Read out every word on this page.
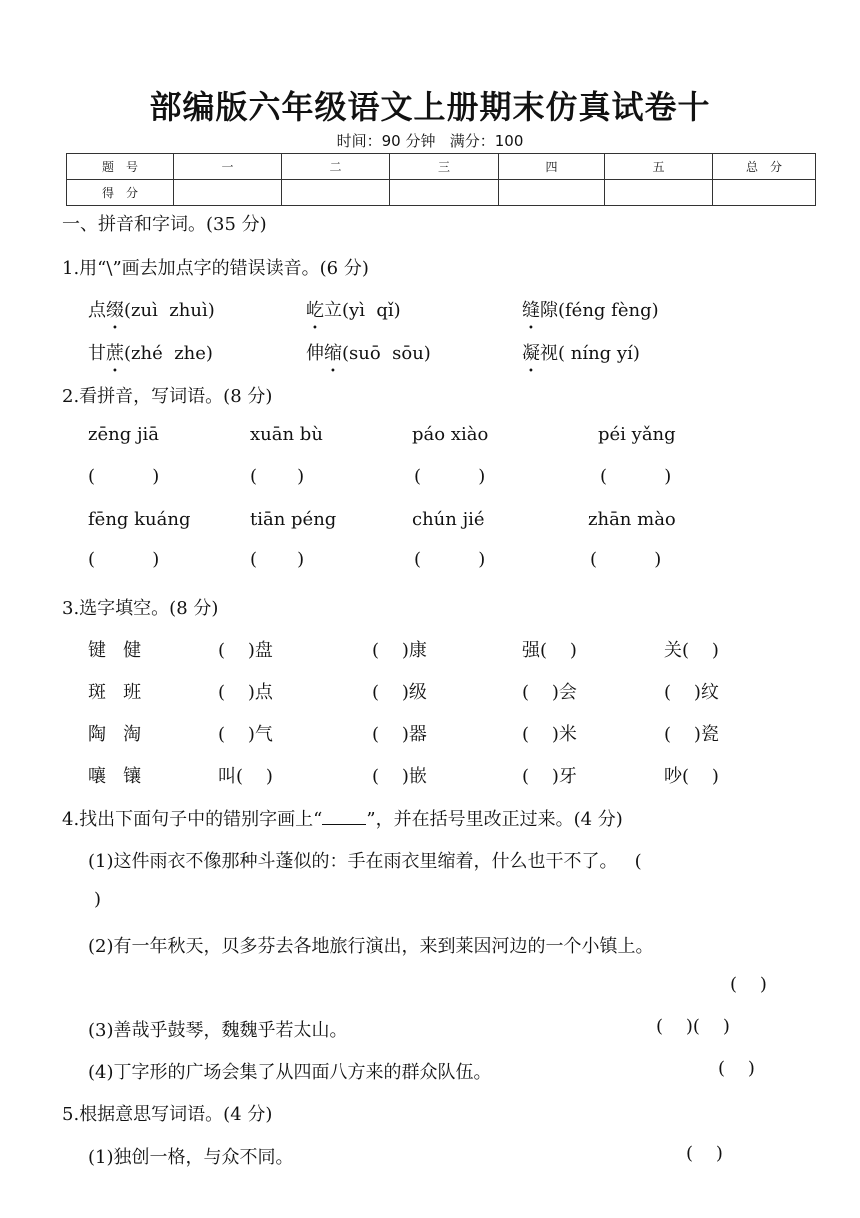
部编版六年级语文上册期末仿真试卷十
时间：90 分钟   满分：100
题　号	一	二	三	四	五	总　分
得　分						
一、拼音和字词。(35 分)
1.用“\”画去加点字的错误读音。(6 分)
点缀(zuì  zhuì)	屹立(yì  qǐ)	缝隙(féng fèng)
甘蔗(zhé  zhe)	伸缩(suō  sōu)	凝视( níng yí)
2.看拼音，写词语。(8 分)
zēng jiā	xuān bù	páo xiào	péi yǎng
(          )	(       )	(          )	(          )
fēng kuáng	tiān péng	chún jié	zhān mào
(          )	(       )	(          )	(          )
3.选字填空。(8 分)
键   健	(    )盘	(    )康	强(    )	关(    )
斑   班	(    )点	(    )级	(    )会	(    )纹
陶   淘	(    )气	(    )器	(    )米	(    )瓷
嚷   镶	叫(    )	(    )嵌	(    )牙	吵(    )
4.找出下面句子中的错别字画上“ ”，并在括号里改正过来。(4 分)
(1)这件雨衣不像那种斗蓬似的：手在雨衣里缩着，什么也干不了。   (
)
(2)有一年秋天，贝多芬去各地旅行演出，来到莱因河边的一个小镇上。
(    )
(3)善哉乎鼓琴，魏魏乎若太山。	(    )(    )
(4)丁字形的广场会集了从四面八方来的群众队伍。	(    )
5.根据意思写词语。(4 分)
(1)独创一格，与众不同。	(    )
